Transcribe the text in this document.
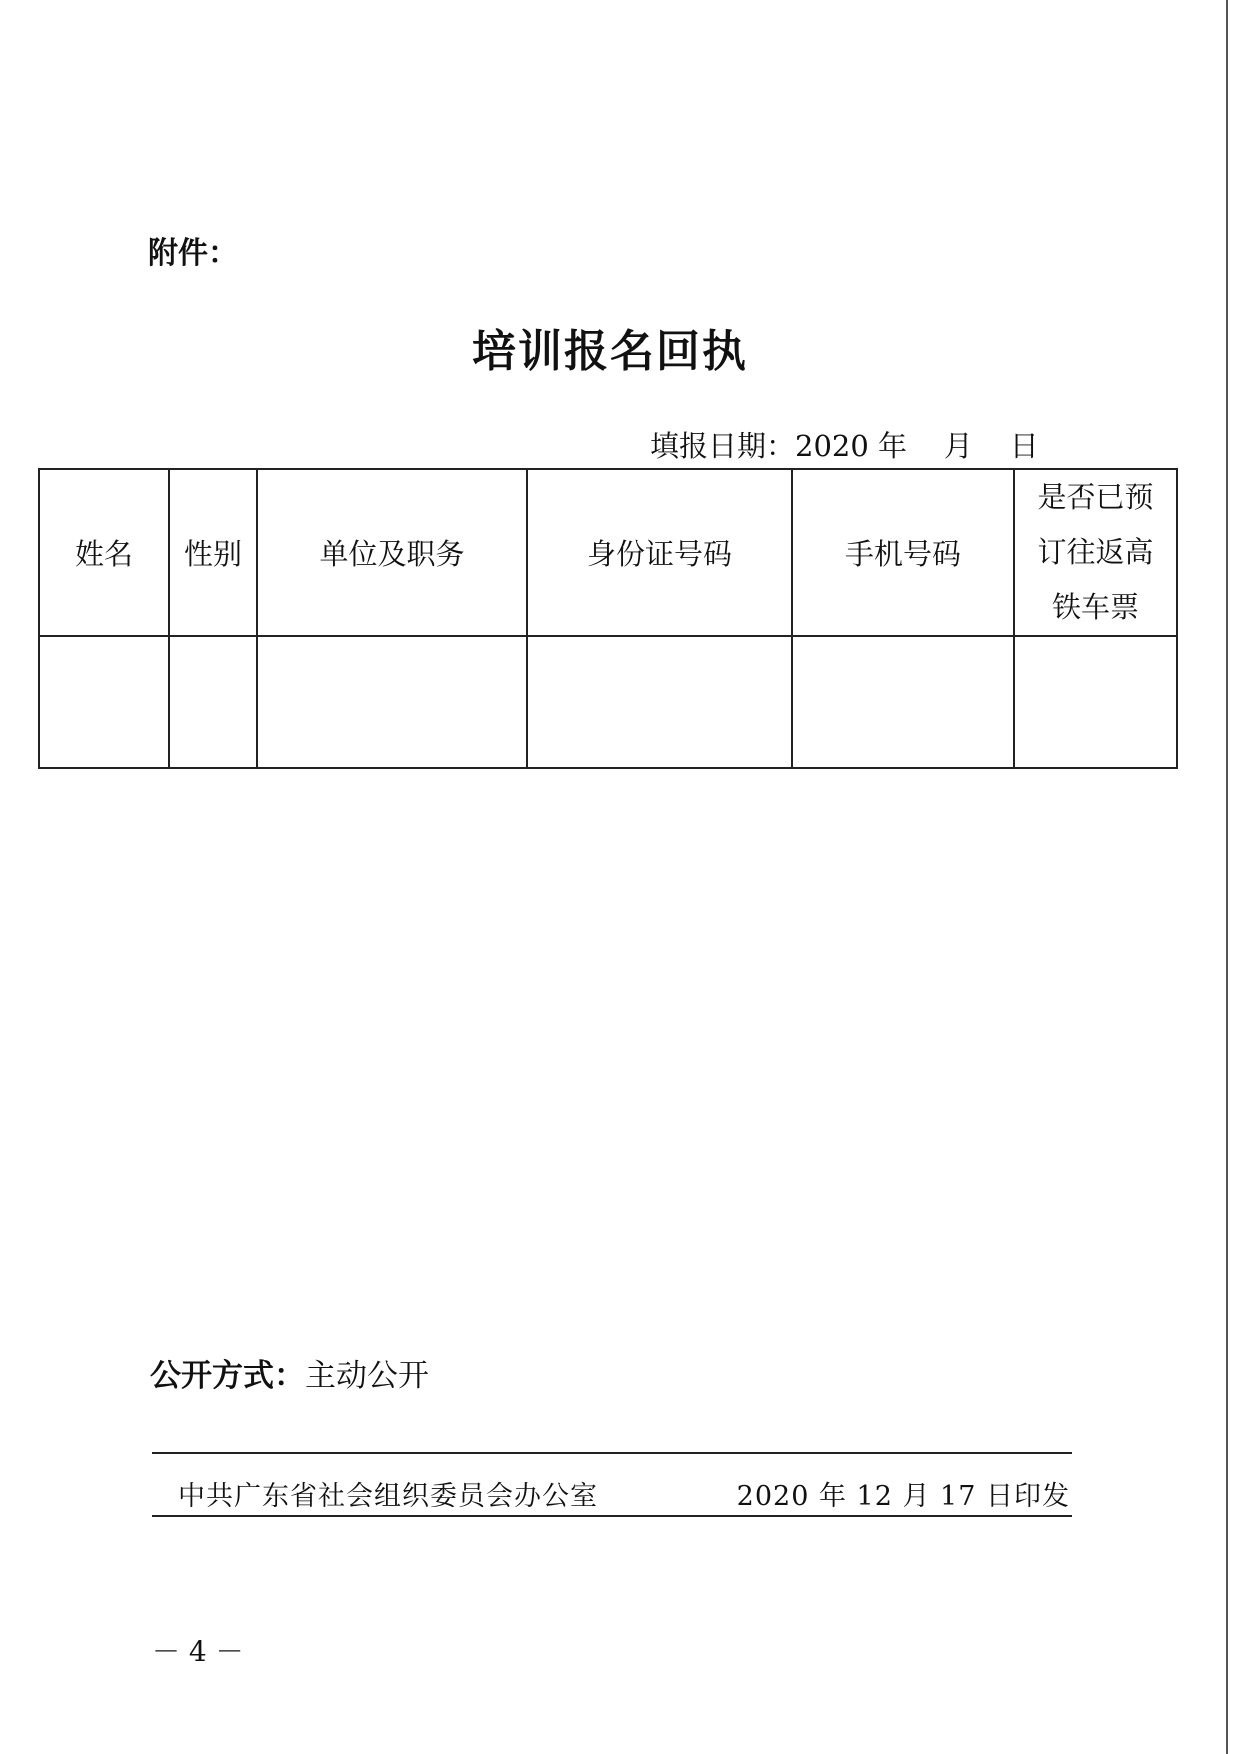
附件：
培训报名回执
填报日期：2020 年    月    日
姓名	性别	单位及职务	身份证号码	手机号码	是否已预
订往返高
铁车票

公开方式：主动公开
中共广东省社会组织委员会办公室	2020 年 12 月 17 日印发
－ 4 －
